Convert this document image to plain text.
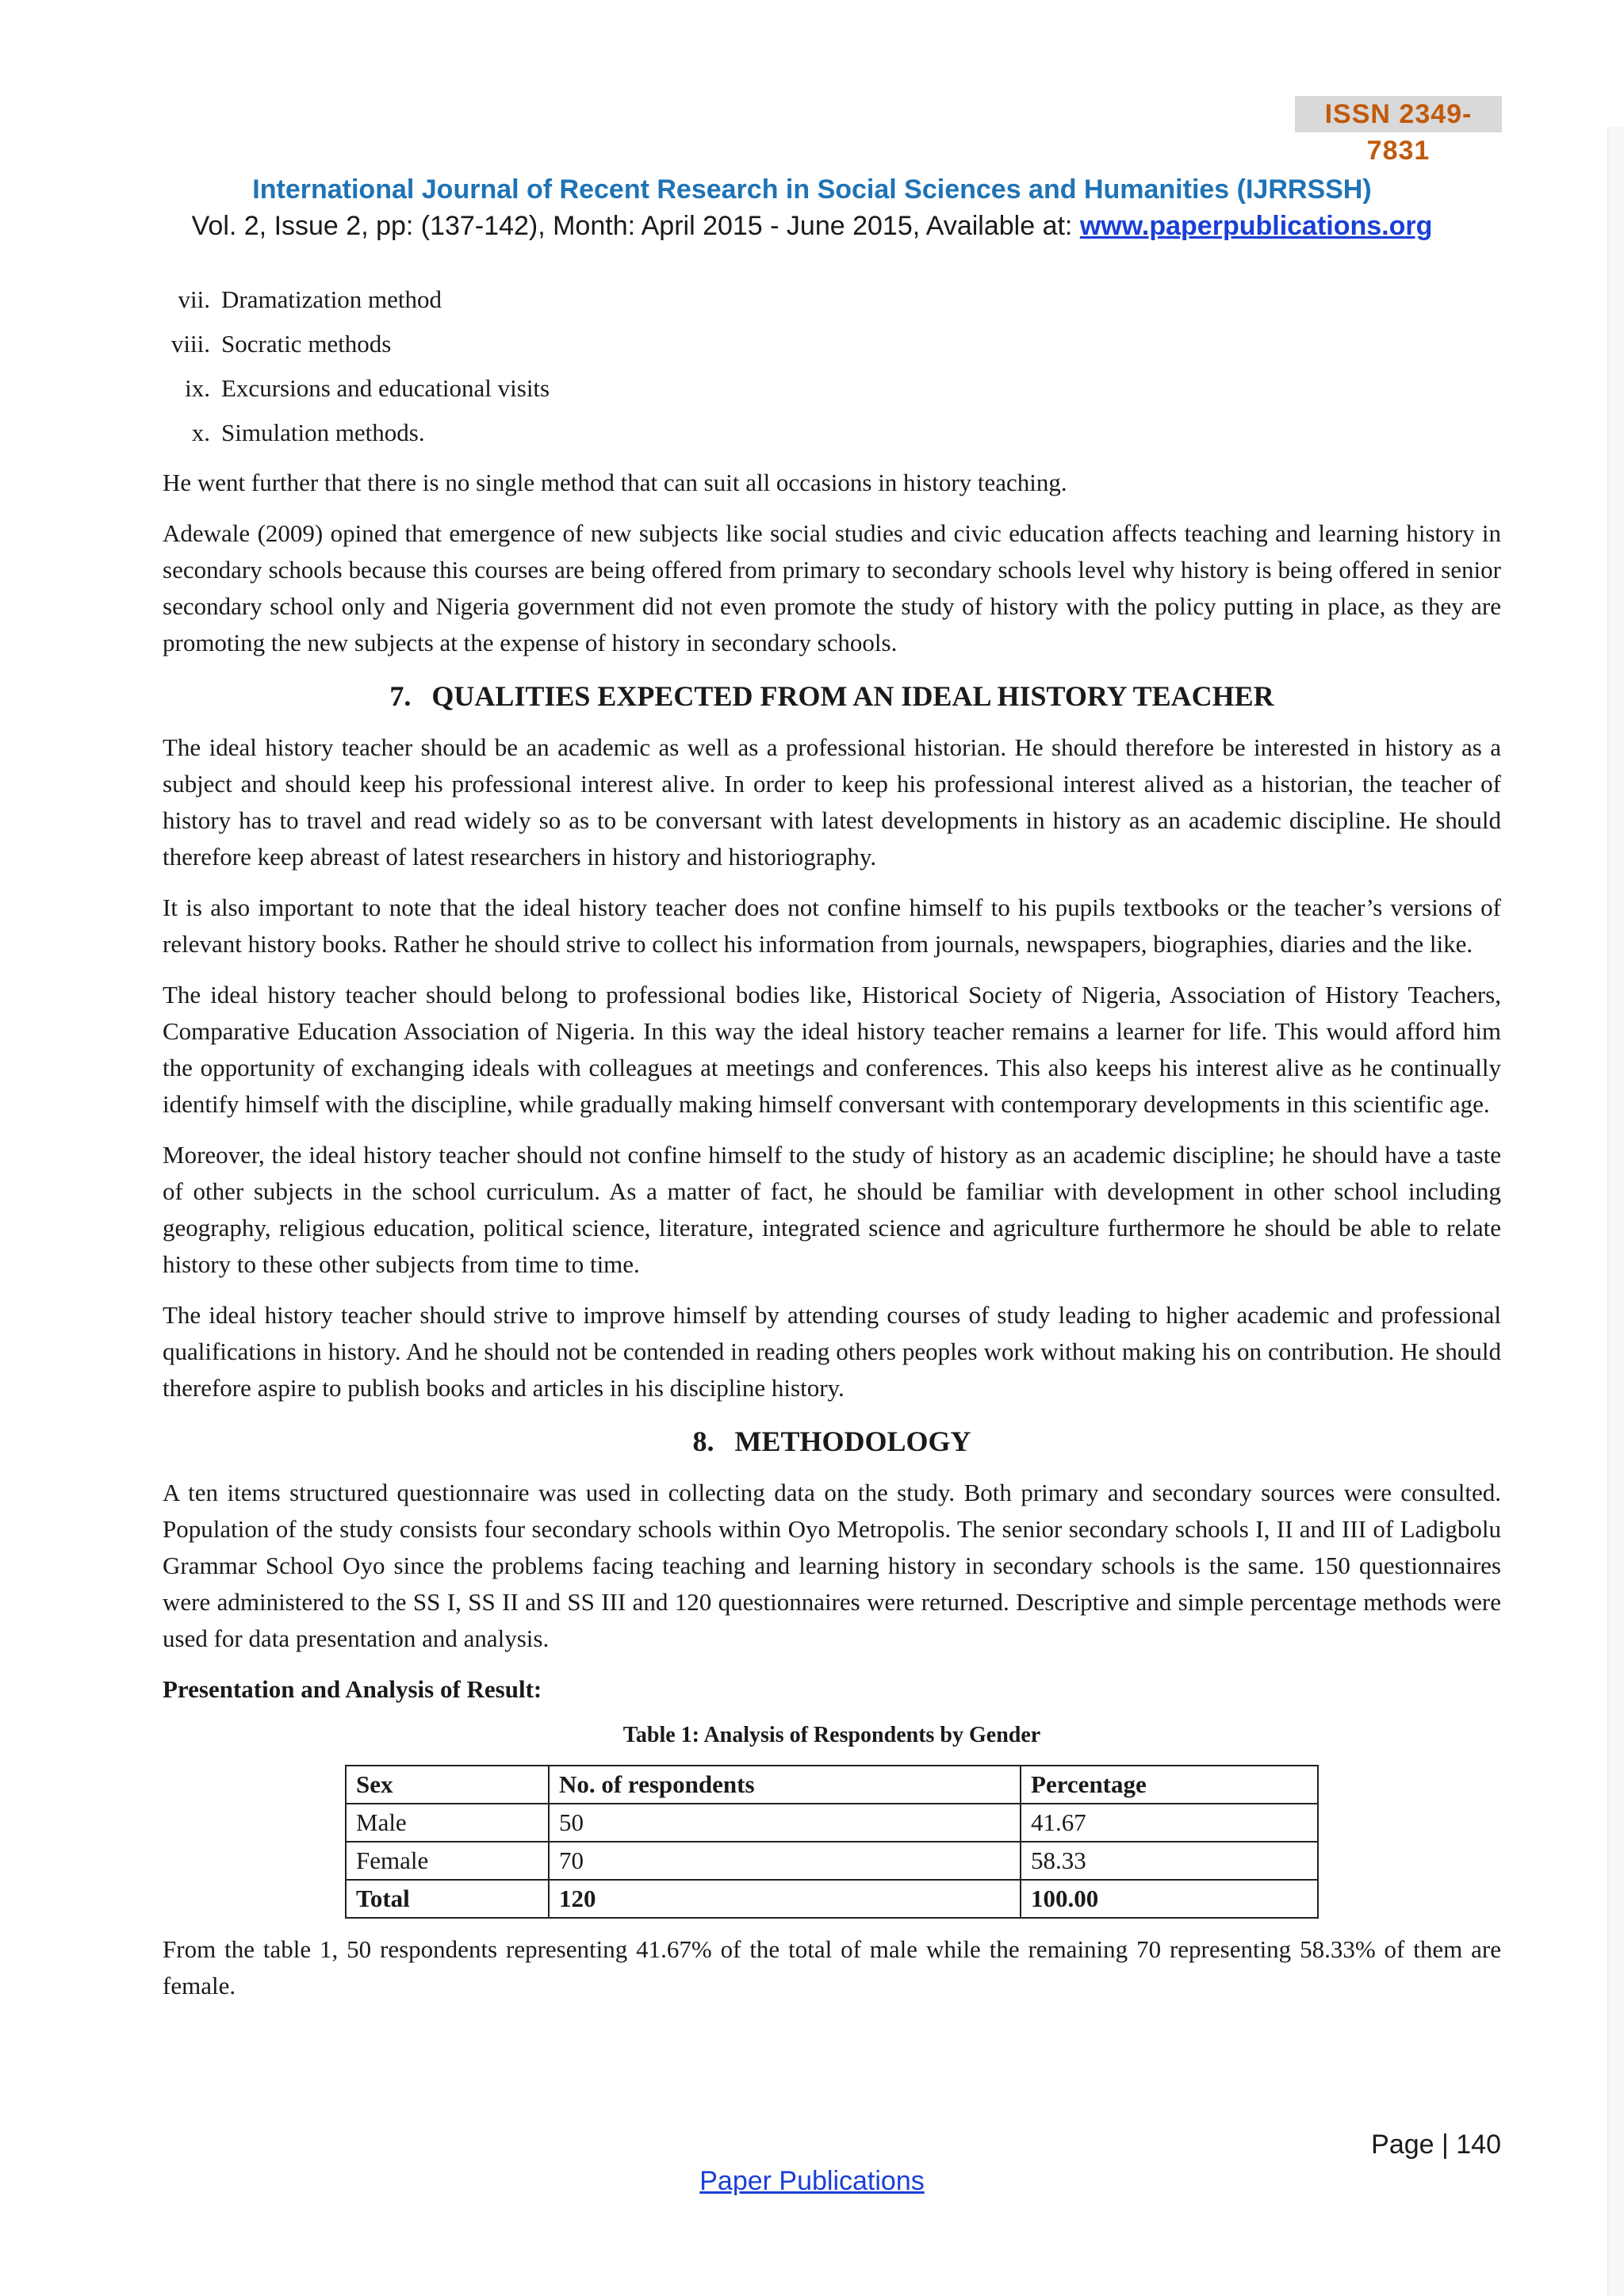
ISSN 2349-7831
International Journal of Recent Research in Social Sciences and Humanities (IJRRSSH)
Vol. 2, Issue 2, pp: (137-142), Month: April 2015 - June 2015, Available at: www.paperpublications.org
vii. Dramatization method
viii. Socratic methods
ix. Excursions and educational visits
x. Simulation methods.

He went further that there is no single method that can suit all occasions in history teaching.

Adewale (2009) opined that emergence of new subjects like social studies and civic education affects teaching and learning history in secondary schools because this courses are being offered from primary to secondary schools level why history is being offered in senior secondary school only and Nigeria government did not even promote the study of history with the policy putting in place, as they are promoting the new subjects at the expense of history in secondary schools.

7. QUALITIES EXPECTED FROM AN IDEAL HISTORY TEACHER

The ideal history teacher should be an academic as well as a professional historian. He should therefore be interested in history as a subject and should keep his professional interest alive. In order to keep his professional interest alived as a historian, the teacher of history has to travel and read widely so as to be conversant with latest developments in history as an academic discipline. He should therefore keep abreast of latest researchers in history and historiography.

It is also important to note that the ideal history teacher does not confine himself to his pupils textbooks or the teacher’s versions of relevant history books. Rather he should strive to collect his information from journals, newspapers, biographies, diaries and the like.

The ideal history teacher should belong to professional bodies like, Historical Society of Nigeria, Association of History Teachers, Comparative Education Association of Nigeria. In this way the ideal history teacher remains a learner for life. This would afford him the opportunity of exchanging ideals with colleagues at meetings and conferences. This also keeps his interest alive as he continually identify himself with the discipline, while gradually making himself conversant with contemporary developments in this scientific age.

Moreover, the ideal history teacher should not confine himself to the study of history as an academic discipline; he should have a taste of other subjects in the school curriculum. As a matter of fact, he should be familiar with development in other school including geography, religious education, political science, literature, integrated science and agriculture furthermore he should be able to relate history to these other subjects from time to time.

The ideal history teacher should strive to improve himself by attending courses of study leading to higher academic and professional qualifications in history. And he should not be contended in reading others peoples work without making his on contribution. He should therefore aspire to publish books and articles in his discipline history.

8. METHODOLOGY

A ten items structured questionnaire was used in collecting data on the study. Both primary and secondary sources were consulted. Population of the study consists four secondary schools within Oyo Metropolis. The senior secondary schools I, II and III of Ladigbolu Grammar School Oyo since the problems facing teaching and learning history in secondary schools is the same. 150 questionnaires were administered to the SS I, SS II and SS III and 120 questionnaires were returned. Descriptive and simple percentage methods were used for data presentation and analysis.

Presentation and Analysis of Result:
Table 1: Analysis of Respondents by Gender
Sex	No. of respondents	Percentage
Male	50	41.67
Female	70	58.33
Total	120	100.00

From the table 1, 50 respondents representing 41.67% of the total of male while the remaining 70 representing 58.33% of them are female.

Page | 140
Paper Publications
